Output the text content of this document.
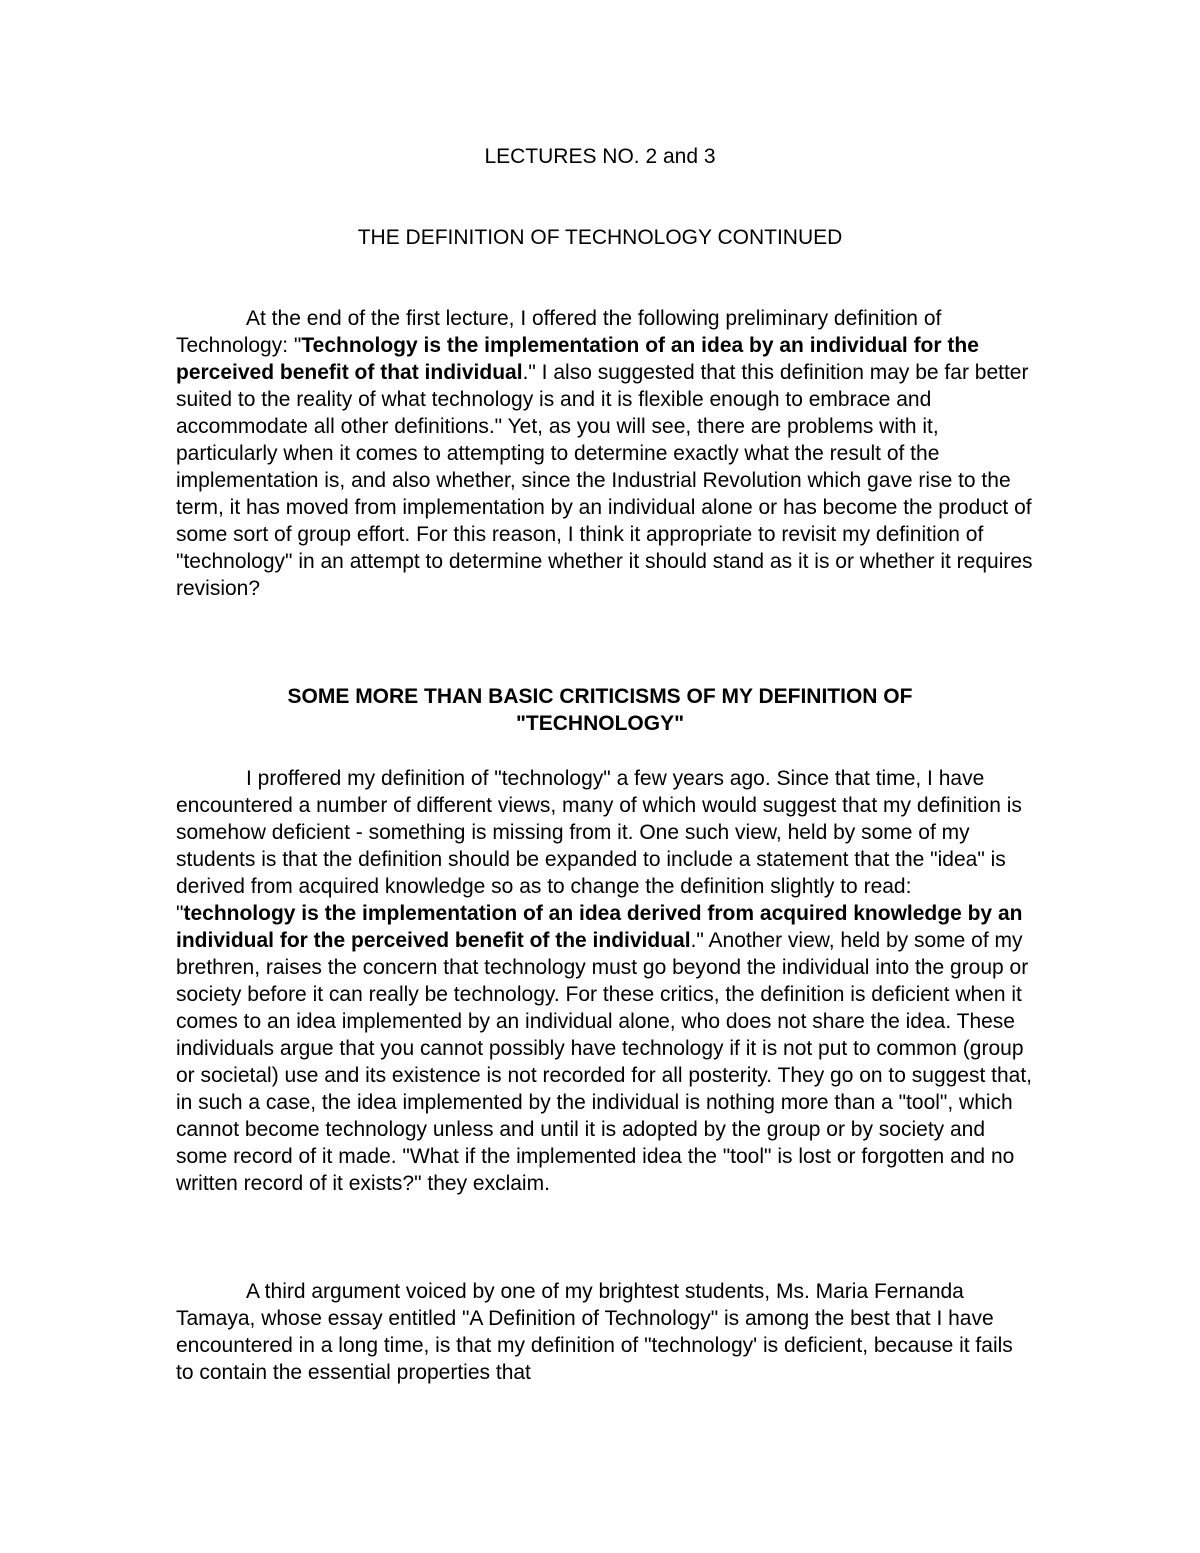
LECTURES NO. 2 and 3
THE DEFINITION OF TECHNOLOGY CONTINUED

At the end of the first lecture, I offered the following preliminary definition of Technology: "Technology is the implementation of an idea by an individual for the perceived benefit of that individual." I also suggested that this definition may be far better suited to the reality of what technology is and it is flexible enough to embrace and accommodate all other definitions." Yet, as you will see, there are problems with it, particularly when it comes to attempting to determine exactly what the result of the implementation is, and also whether, since the Industrial Revolution which gave rise to the term, it has moved from implementation by an individual alone or has become the product of some sort of group effort. For this reason, I think it appropriate to revisit my definition of "technology" in an attempt to determine whether it should stand as it is or whether it requires revision?

SOME MORE THAN BASIC CRITICISMS OF MY DEFINITION OF
"TECHNOLOGY"

I proffered my definition of "technology" a few years ago. Since that time, I have encountered a number of different views, many of which would suggest that my definition is somehow deficient - something is missing from it. One such view, held by some of my students is that the definition should be expanded to include a statement that the "idea" is derived from acquired knowledge so as to change the definition slightly to read: "technology is the implementation of an idea derived from acquired knowledge by an individual for the perceived benefit of the individual." Another view, held by some of my brethren, raises the concern that technology must go beyond the individual into the group or society before it can really be technology. For these critics, the definition is deficient when it comes to an idea implemented by an individual alone, who does not share the idea. These individuals argue that you cannot possibly have technology if it is not put to common (group or societal) use and its existence is not recorded for all posterity. They go on to suggest that, in such a case, the idea implemented by the individual is nothing more than a "tool", which cannot become technology unless and until it is adopted by the group or by society and some record of it made. "What if the implemented idea the "tool" is lost or forgotten and no written record of it exists?" they exclaim.

A third argument voiced by one of my brightest students, Ms. Maria Fernanda Tamaya, whose essay entitled "A Definition of Technology" is among the best that I have encountered in a long time, is that my definition of "technology' is deficient, because it fails to contain the essential properties that
